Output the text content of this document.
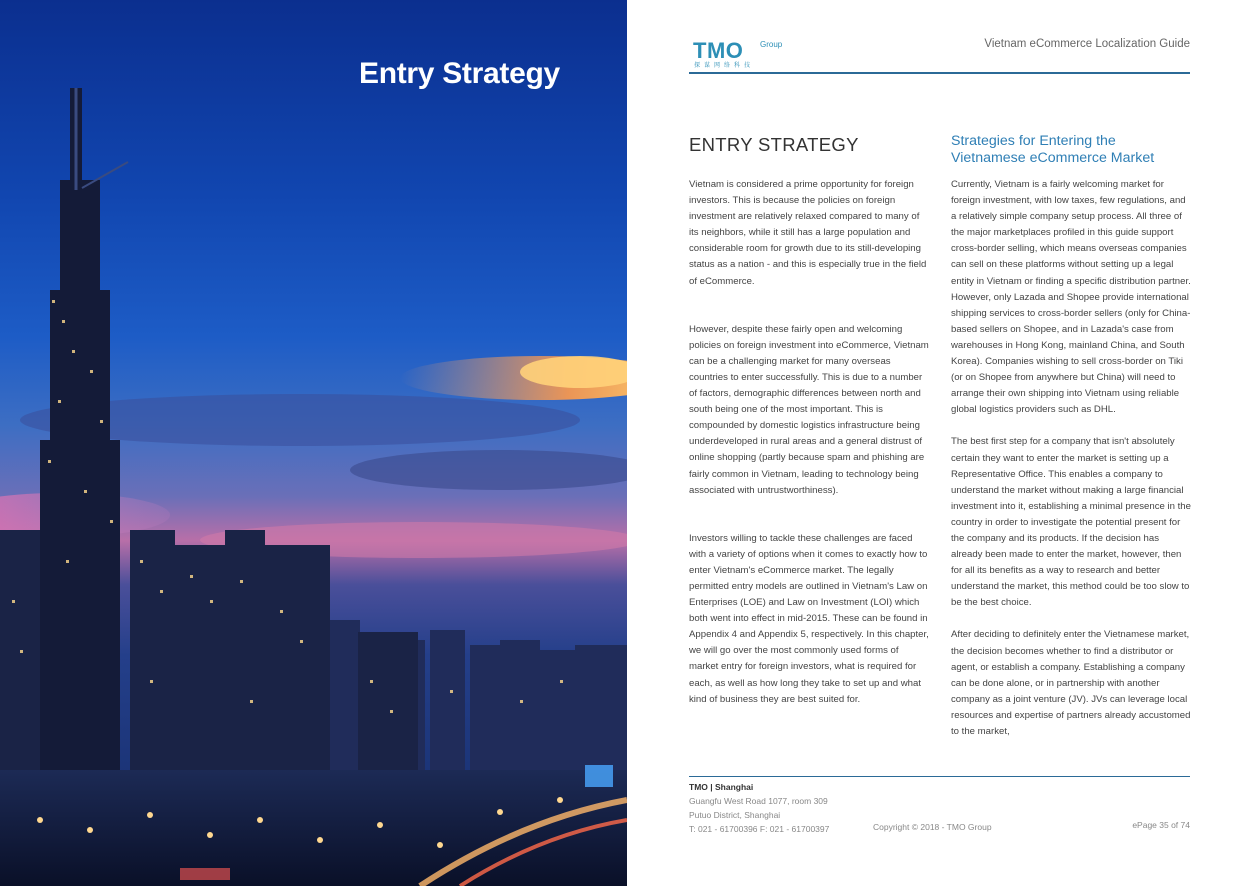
Entry Strategy
TMO Group
探谋网络科技
Vietnam eCommerce Localization Guide
ENTRY STRATEGY	Strategies for Entering the Vietnamese eCommerce Market

Vietnam is considered a prime opportunity for foreign investors. This is because the policies on foreign investment are relatively relaxed compared to many of its neighbors, while it still has a large population and considerable room for growth due to its still-developing status as a nation - and this is especially true in the field of eCommerce.

However, despite these fairly open and welcoming policies on foreign investment into eCommerce, Vietnam can be a challenging market for many overseas countries to enter successfully. This is due to a number of factors, demographic differences between north and south being one of the most important. This is compounded by domestic logistics infrastructure being underdeveloped in rural areas and a general distrust of online shopping (partly because spam and phishing are fairly common in Vietnam, leading to technology being associated with untrustworthiness).

Investors willing to tackle these challenges are faced with a variety of options when it comes to exactly how to enter Vietnam's eCommerce market. The legally permitted entry models are outlined in Vietnam's Law on Enterprises (LOE) and Law on Investment (LOI) which both went into effect in mid-2015. These can be found in Appendix 4 and Appendix 5, respectively. In this chapter, we will go over the most commonly used forms of market entry for foreign investors, what is required for each, as well as how long they take to set up and what kind of business they are best suited for.

Currently, Vietnam is a fairly welcoming market for foreign investment, with low taxes, few regulations, and a relatively simple company setup process. All three of the major marketplaces profiled in this guide support cross-border selling, which means overseas companies can sell on these platforms without setting up a legal entity in Vietnam or finding a specific distribution partner. However, only Lazada and Shopee provide international shipping services to cross-border sellers (only for China-based sellers on Shopee, and in Lazada's case from warehouses in Hong Kong, mainland China, and South Korea). Companies wishing to sell cross-border on Tiki (or on Shopee from anywhere but China) will need to arrange their own shipping into Vietnam using reliable global logistics providers such as DHL.

The best first step for a company that isn't absolutely certain they want to enter the market is setting up a Representative Office. This enables a company to understand the market without making a large financial investment into it, establishing a minimal presence in the country in order to investigate the potential present for the company and its products. If the decision has already been made to enter the market, however, then for all its benefits as a way to research and better understand the market, this method could be too slow to be the best choice.

After deciding to definitely enter the Vietnamese market, the decision becomes whether to find a distributor or agent, or establish a company. Establishing a company can be done alone, or in partnership with another company as a joint venture (JV). JVs can leverage local resources and expertise of partners already accustomed to the market,

TMO | Shanghai
Guangfu West Road 1077, room 309
Putuo District, Shanghai
T: 021 - 61700396 F: 021 - 61700397	Copyright © 2018 - TMO Group	ePage 35 of 74
